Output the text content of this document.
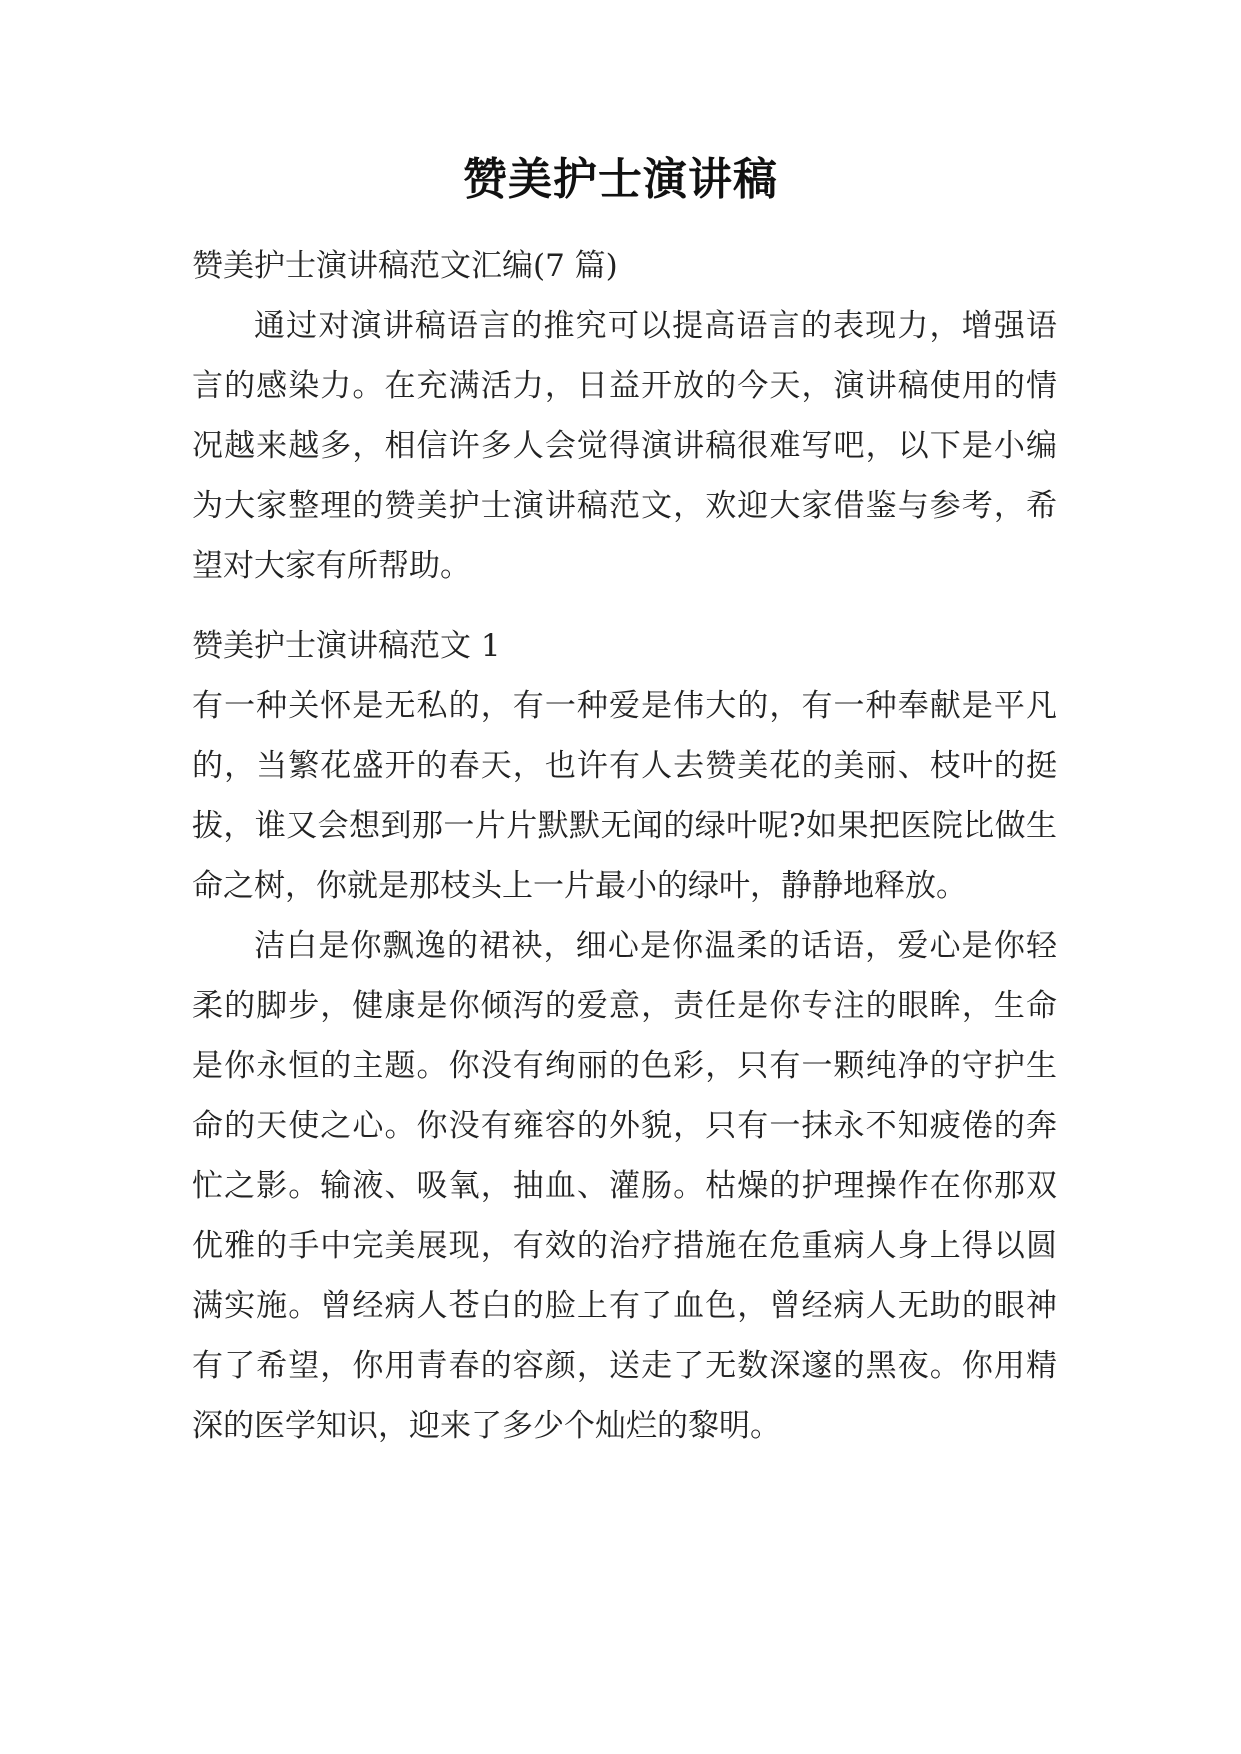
赞美护士演讲稿

赞美护士演讲稿范文汇编(7 篇)

通过对演讲稿语言的推究可以提高语言的表现力，增强语言的感染力。在充满活力，日益开放的今天，演讲稿使用的情况越来越多，相信许多人会觉得演讲稿很难写吧，以下是小编为大家整理的赞美护士演讲稿范文，欢迎大家借鉴与参考，希望对大家有所帮助。

赞美护士演讲稿范文 1

有一种关怀是无私的，有一种爱是伟大的，有一种奉献是平凡的，当繁花盛开的春天，也许有人去赞美花的美丽、枝叶的挺拔，谁又会想到那一片片默默无闻的绿叶呢?如果把医院比做生命之树，你就是那枝头上一片最小的绿叶，静静地释放。

洁白是你飘逸的裙袂，细心是你温柔的话语，爱心是你轻柔的脚步，健康是你倾泻的爱意，责任是你专注的眼眸，生命是你永恒的主题。你没有绚丽的色彩，只有一颗纯净的守护生命的天使之心。你没有雍容的外貌，只有一抹永不知疲倦的奔忙之影。输液、吸氧，抽血、灌肠。枯燥的护理操作在你那双优雅的手中完美展现，有效的治疗措施在危重病人身上得以圆满实施。曾经病人苍白的脸上有了血色，曾经病人无助的眼神有了希望，你用青春的容颜，送走了无数深邃的黑夜。你用精深的医学知识，迎来了多少个灿烂的黎明。
